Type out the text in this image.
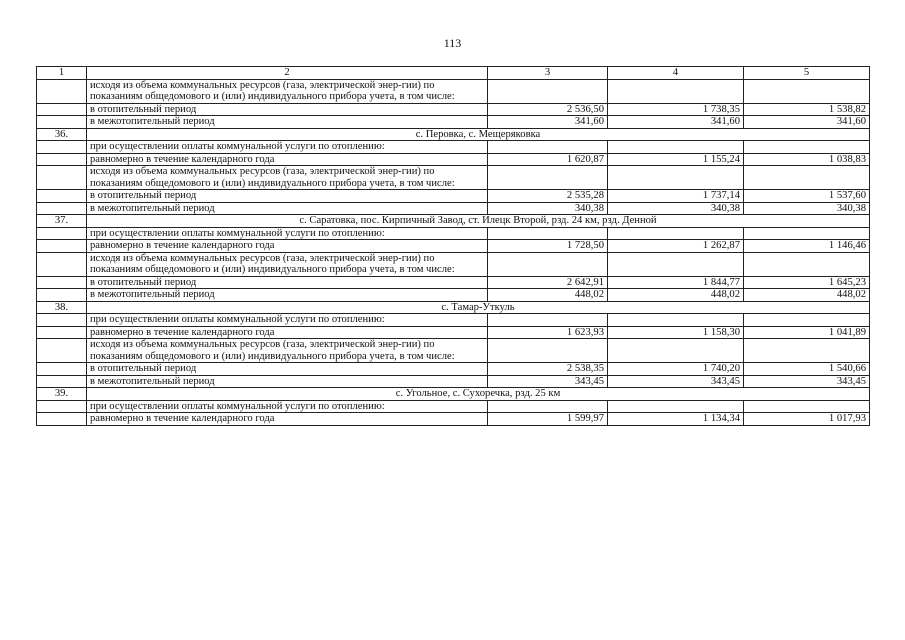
113
1	2	3	4	5
	исходя из объема коммунальных ресурсов (газа, электрической энер-гии) по показаниям общедомового и (или) индивидуального прибора учета, в том числе:			
	в отопительный период	2 536,50	1 738,35	1 538,82
	в межотопительный период	341,60	341,60	341,60
36.	с. Перовка, с. Мещеряковка			
	при осуществлении оплаты коммунальной услуги по отоплению:			
	равномерно в течение календарного года	1 620,87	1 155,24	1 038,83
	исходя из объема коммунальных ресурсов (газа, электрической энер-гии) по показаниям общедомового и (или) индивидуального прибора учета, в том числе:			
	в отопительный период	2 535,28	1 737,14	1 537,60
	в межотопительный период	340,38	340,38	340,38
37.	с. Саратовка, пос. Кирпичный Завод, ст. Илецк Второй, рзд. 24 км, рзд. Денной			
	при осуществлении оплаты коммунальной услуги по отоплению:			
	равномерно в течение календарного года	1 728,50	1 262,87	1 146,46
	исходя из объема коммунальных ресурсов (газа, электрической энер-гии) по показаниям общедомового и (или) индивидуального прибора учета, в том числе:			
	в отопительный период	2 642,91	1 844,77	1 645,23
	в межотопительный период	448,02	448,02	448,02
38.	с. Тамар-Уткуль			
	при осуществлении оплаты коммунальной услуги по отоплению:			
	равномерно в течение календарного года	1 623,93	1 158,30	1 041,89
	исходя из объема коммунальных ресурсов (газа, электрической энер-гии) по показаниям общедомового и (или) индивидуального прибора учета, в том числе:			
	в отопительный период	2 538,35	1 740,20	1 540,66
	в межотопительный период	343,45	343,45	343,45
39.	с. Угольное, с. Сухоречка, рзд. 25 км			
	при осуществлении оплаты коммунальной услуги по отоплению:			
	равномерно в течение календарного года	1 599,97	1 134,34	1 017,93
